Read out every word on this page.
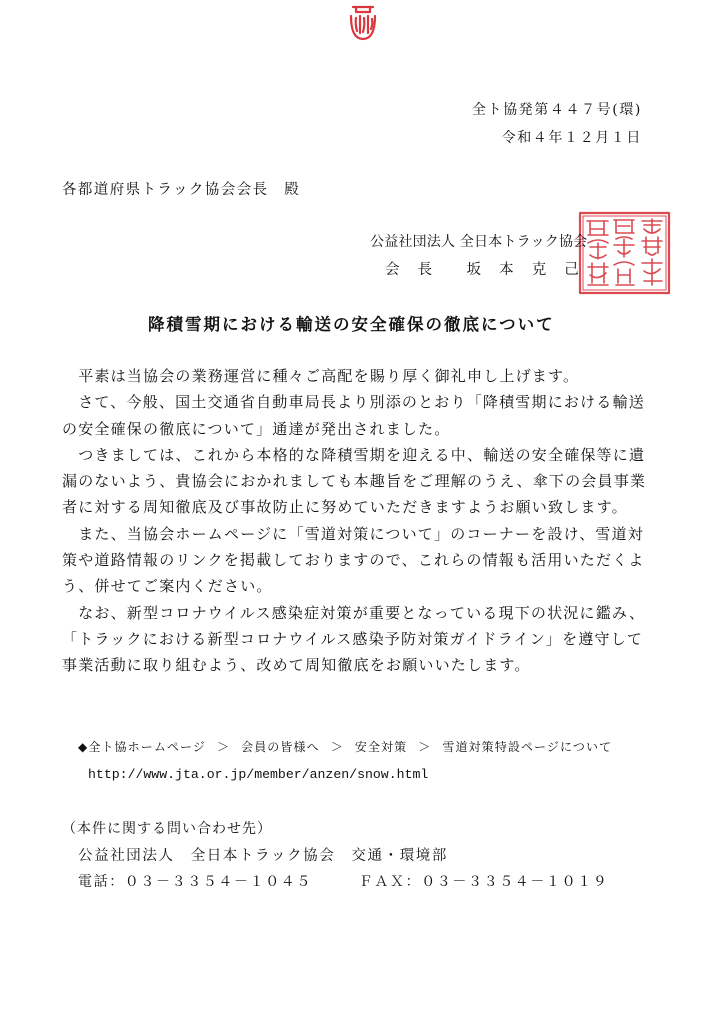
全ト協発第４４７号(環)
令和４年１２月１日
各都道府県トラック協会会長　殿
公益社団法人 全日本トラック協会
会　長　　坂　本　克　己
降積雪期における輸送の安全確保の徹底について
　平素は当協会の業務運営に種々ご高配を賜り厚く御礼申し上げます。
　さて、今般、国土交通省自動車局長より別添のとおり「降積雪期における輸送
の安全確保の徹底について」通達が発出されました。
　つきましては、これから本格的な降積雪期を迎える中、輸送の安全確保等に遺
漏のないよう、貴協会におかれましても本趣旨をご理解のうえ、傘下の会員事業
者に対する周知徹底及び事故防止に努めていただきますようお願い致します。
　また、当協会ホームページに「雪道対策について」のコーナーを設け、雪道対
策や道路情報のリンクを掲載しておりますので、これらの情報も活用いただくよ
う、併せてご案内ください。
　なお、新型コロナウイルス感染症対策が重要となっている現下の状況に鑑み、
「トラックにおける新型コロナウイルス感染予防対策ガイドライン」を遵守して
事業活動に取り組むよう、改めて周知徹底をお願いいたします。
◆全ト協ホームページ ＞ 会員の皆様へ ＞ 安全対策 ＞ 雪道対策特設ページについて
http://www.jta.or.jp/member/anzen/snow.html
（本件に関する問い合わせ先）
公益社団法人　全日本トラック協会　交通・環境部
電話：０３－３３５４－１０４５　　　ＦＡＸ：０３－３３５４－１０１９
